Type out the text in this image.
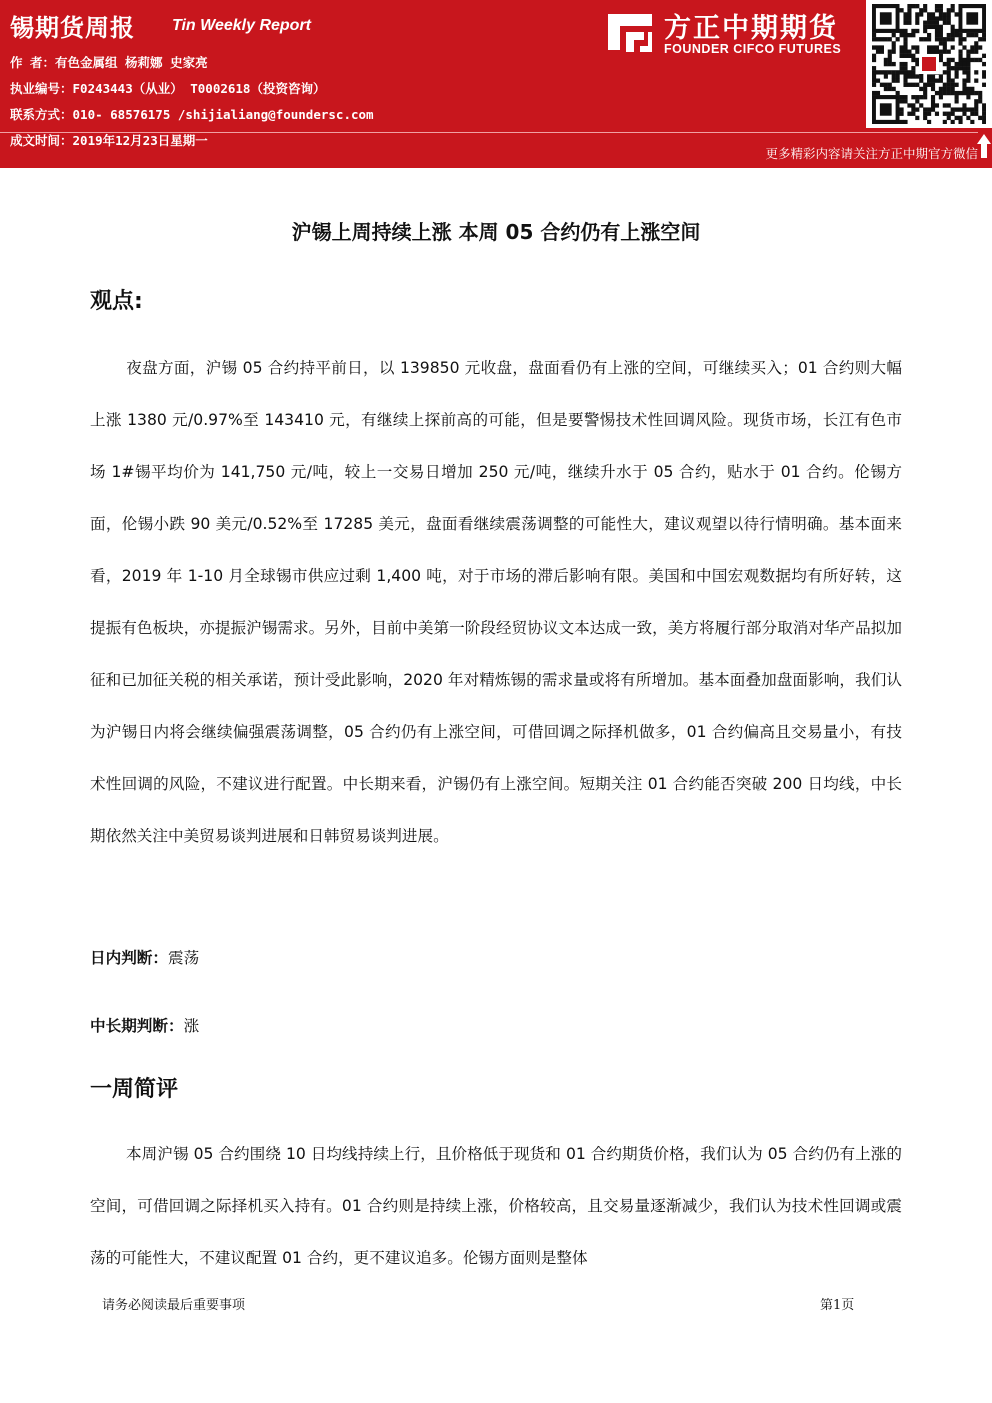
锡期货周报 Tin Weekly Report
作 者：有色金属组 杨莉娜 史家亮
执业编号：F0243443（从业） T0002618（投资咨询）
联系方式：010- 68576175 /shijialiang@foundersc.com
成文时间：2019年12月23日星期一
方正中期期货
FOUNDER CIFCO FUTURES
更多精彩内容请关注方正中期官方微信
沪锡上周持续上涨 本周 05 合约仍有上涨空间
观点:
夜盘方面，沪锡 05 合约持平前日，以 139850 元收盘，盘面看仍有上涨的空间，可继续买入；01 合约则大幅上涨 1380 元/0.97%至 143410 元，有继续上探前高的可能，但是要警惕技术性回调风险。现货市场，长江有色市场 1#锡平均价为 141,750 元/吨，较上一交易日增加 250 元/吨，继续升水于 05 合约，贴水于 01 合约。伦锡方面，伦锡小跌 90 美元/0.52%至 17285 美元，盘面看继续震荡调整的可能性大，建议观望以待行情明确。基本面来看，2019 年 1-10 月全球锡市供应过剩 1,400 吨，对于市场的滞后影响有限。美国和中国宏观数据均有所好转，这提振有色板块，亦提振沪锡需求。另外，目前中美第一阶段经贸协议文本达成一致，美方将履行部分取消对华产品拟加征和已加征关税的相关承诺，预计受此影响，2020 年对精炼锡的需求量或将有所增加。基本面叠加盘面影响，我们认为沪锡日内将会继续偏强震荡调整，05 合约仍有上涨空间，可借回调之际择机做多，01 合约偏高且交易量小，有技术性回调的风险，不建议进行配置。中长期来看，沪锡仍有上涨空间。短期关注 01 合约能否突破 200 日均线，中长期依然关注中美贸易谈判进展和日韩贸易谈判进展。
日内判断：震荡
中长期判断：涨
一周简评
本周沪锡 05 合约围绕 10 日均线持续上行，且价格低于现货和 01 合约期货价格，我们认为 05 合约仍有上涨的空间，可借回调之际择机买入持有。01 合约则是持续上涨，价格较高，且交易量逐渐减少，我们认为技术性回调或震荡的可能性大，不建议配置 01 合约，更不建议追多。伦锡方面则是整体
请务必阅读最后重要事项	第1页
